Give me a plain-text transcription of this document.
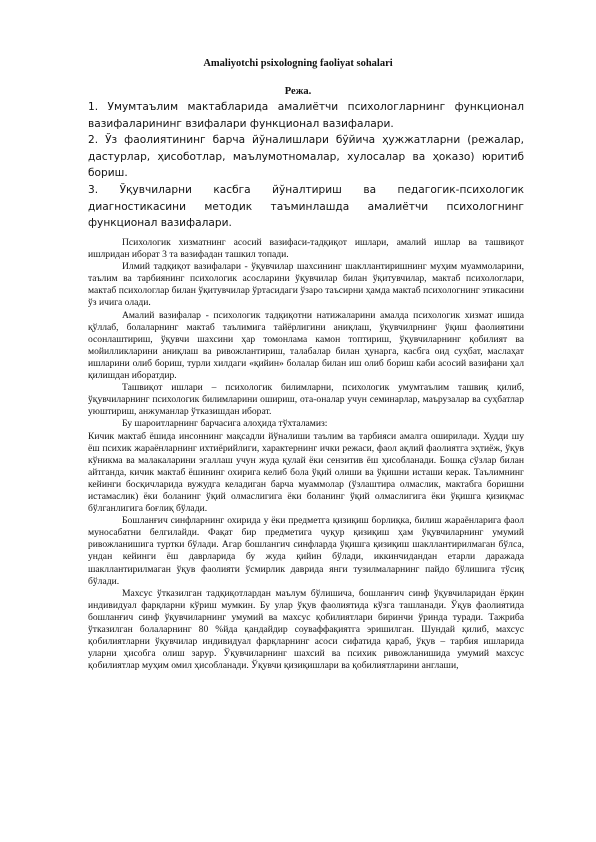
Amaliyotchi psixologning faoliyat sohalari
Режа.

1. Умумтаълим мактабларида амалиётчи психологларнинг функционал вазифаларининг взифалари функционал вазифалари.

2. Ўз фаолиятининг барча йўналишлари бўйича ҳужжатларни (режалар, дастурлар, ҳисоботлар, маълумотномалар, хулосалар ва ҳоказо) юритиб бориш.

3. Ўқувчиларни касбга йўналтириш ва педагогик-психологик диагностикасини методик таъминлашда амалиётчи психологнинг функционал вазифалари.

Психологик хизматнинг асосий вазифаси-тадқиқот ишлари, амалий ишлар ва ташвиқот ишлридан иборат 3 та вазифадан ташкил топади.

Илмий тадқиқот вазифалари - ўқувчилар шахсининг шакллантиришнинг муҳим муаммоларини, таълим ва тарбиянинг психологик асосларини ўқувчилар билан ўқитувчилар, мактаб психологлари, мактаб психологлар билан ўқитувчилар ўртасидаги ўзаро таъсирни ҳамда мактаб психологнинг этикасини ўз ичига олади.

Амалий вазифалар - психологик тадқиқотни натижаларини амалда психологик хизмат ишида қўллаб, болаларнинг мактаб таълимига тайёрлигини аниқлаш, ўқувчилрнинг ўқиш фаолиятини осонлаштириш, ўқувчи шахсини ҳар томонлама камон топтириш, ўқувчиларнинг қобилият ва мойилликларини аниқлаш ва ривожлантириш, талабалар билан ҳунарга, касбга оид суҳбат, маслаҳат ишларини олиб бориш, турли хилдаги «қийин» болалар билан иш олиб бориш каби асосий вазифани ҳал қилишдан иборатдир.

Ташвиқот ишлари – психологик билимларни, психологик умумтаълим ташвиқ қилиб, ўқувчиларнинг психологик билимларини ошириш, ота-оналар учун семинарлар, маърузалар ва суҳбатлар уюштириш, анжуманлар ўтказишдан иборат.

Бу шароитларнинг барчасига алоҳида тўхталамиз:

Кичик мактаб ёшида инсоннинг мақсадли йўналиши таълим ва тарбияси амалга оширилади. Худди шу ёш психик жараёнларнинг ихтиёрийлиги, характернинг ички режаси, фаол ақлий фаолиятга эҳтиёж, ўқув кўникма ва малакаларини эгаллаш учун жуда қулай ёки сензитив ёш ҳисобланади. Бошқа сўзлар билан айтганда, кичик мактаб ёшининг охирига келиб бола ўқий олиши ва ўқишни исташи керак. Таълимнинг кейинги босқичларида вужудга келадиган барча муаммолар (ўзлаштира олмаслик, мактабга боришни истамаслик) ёки боланинг ўқий олмаслигига ёки боланинг ўқий олмаслигига ёки ўқишга қизиқмас бўлганлигига боғлиқ бўлади.

Бошланғич синфларнинг охирида у ёки предметга қизиқиш борлиқка, билиш жараёнларига фаол муносабатни белгилайди. Фақат бир предметига чуқур қизиқиш ҳам ўқувчиларнинг умумий ривожланишига туртки бўлади. Агар бошлангич синфларда ўқишга қизиқиш шакллантирилмаган бўлса, ундан кейинги ёш даврларида бу жуда қийин бўлади, иккинчидандан етарли даражада шакллантирилмаган ўқув фаолияти ўсмирлик даврида янги тузилмаларнинг пайдо бўлишига тўсиқ бўлади.

Махсус ўтказилган тадқиқотлардан маълум бўлишича, бошланғич синф ўқувчиларидан ёрқин индивидуал фарқларни кўриш мумкин. Бу улар ўқув фаолиятида кўзга ташланади. Ўқув фаолиятида бошланғич синф ўқувчиларнинг умумий ва махсус қобилиятлари биринчи ўринда туради. Тажриба ўтказилган болаларнинг 80 %йда қандайдир соуваффақиятга эришилган. Шундай қилиб, махсус қобилиятларни ўқувчилар индивидуал фарқларнинг асоси сифатида қараб, ўқув – тарбия ишларида уларни ҳисобга олиш зарур. Ўқувчиларнинг шахсий ва психик ривожланишида умумий махсус қобилиятлар муҳим омил ҳисобланади. Ўқувчи қизиқишлари ва қобилиятларини англаши,
